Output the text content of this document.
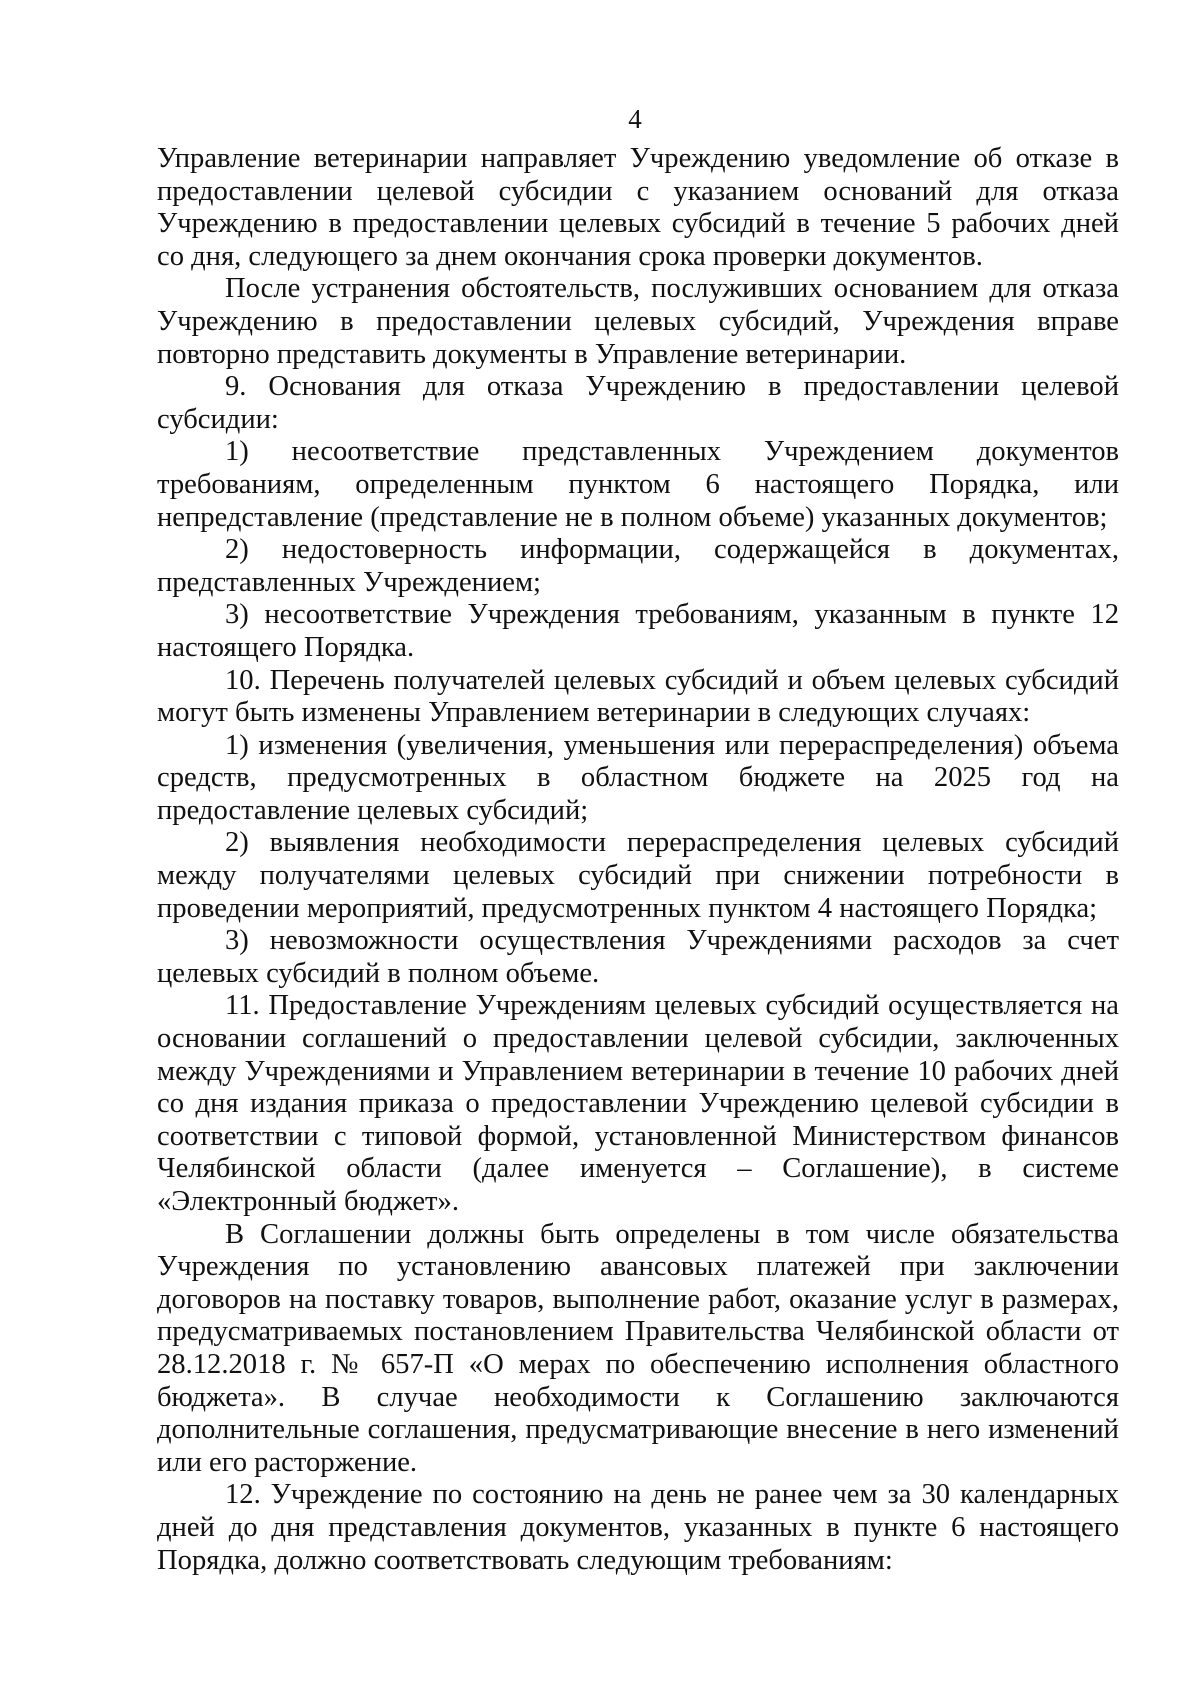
4

Управление ветеринарии направляет Учреждению уведомление об отказе в предоставлении целевой субсидии с указанием оснований для отказа Учреждению в предоставлении целевых субсидий в течение 5 рабочих дней со дня, следующего за днем окончания срока проверки документов.

После устранения обстоятельств, послуживших основанием для отказа Учреждению в предоставлении целевых субсидий, Учреждения вправе повторно представить документы в Управление ветеринарии.

9. Основания для отказа Учреждению в предоставлении целевой субсидии:

1) несоответствие представленных Учреждением документов требованиям, определенным пунктом 6 настоящего Порядка, или непредставление (представление не в полном объеме) указанных документов;

2) недостоверность информации, содержащейся в документах, представленных Учреждением;

3) несоответствие Учреждения требованиям, указанным в пункте 12 настоящего Порядка.

10. Перечень получателей целевых субсидий и объем целевых субсидий могут быть изменены Управлением ветеринарии в следующих случаях:

1) изменения (увеличения, уменьшения или перераспределения) объема средств, предусмотренных в областном бюджете на 2025 год на предоставление целевых субсидий;

2) выявления необходимости перераспределения целевых субсидий между получателями целевых субсидий при снижении потребности в проведении мероприятий, предусмотренных пунктом 4 настоящего Порядка;

3) невозможности осуществления Учреждениями расходов за счет целевых субсидий в полном объеме.

11. Предоставление Учреждениям целевых субсидий осуществляется на основании соглашений о предоставлении целевой субсидии, заключенных между Учреждениями и Управлением ветеринарии в течение 10 рабочих дней со дня издания приказа о предоставлении Учреждению целевой субсидии в соответствии с типовой формой, установленной Министерством финансов Челябинской области (далее именуется – Соглашение), в системе «Электронный бюджет».

В Соглашении должны быть определены в том числе обязательства Учреждения по установлению авансовых платежей при заключении договоров на поставку товаров, выполнение работ, оказание услуг в размерах, предусматриваемых постановлением Правительства Челябинской области от 28.12.2018 г. № 657-П «О мерах по обеспечению исполнения областного бюджета». В случае необходимости к Соглашению заключаются дополнительные соглашения, предусматривающие внесение в него изменений или его расторжение.

12. Учреждение по состоянию на день не ранее чем за 30 календарных дней до дня представления документов, указанных в пункте 6 настоящего Порядка, должно соответствовать следующим требованиям:
